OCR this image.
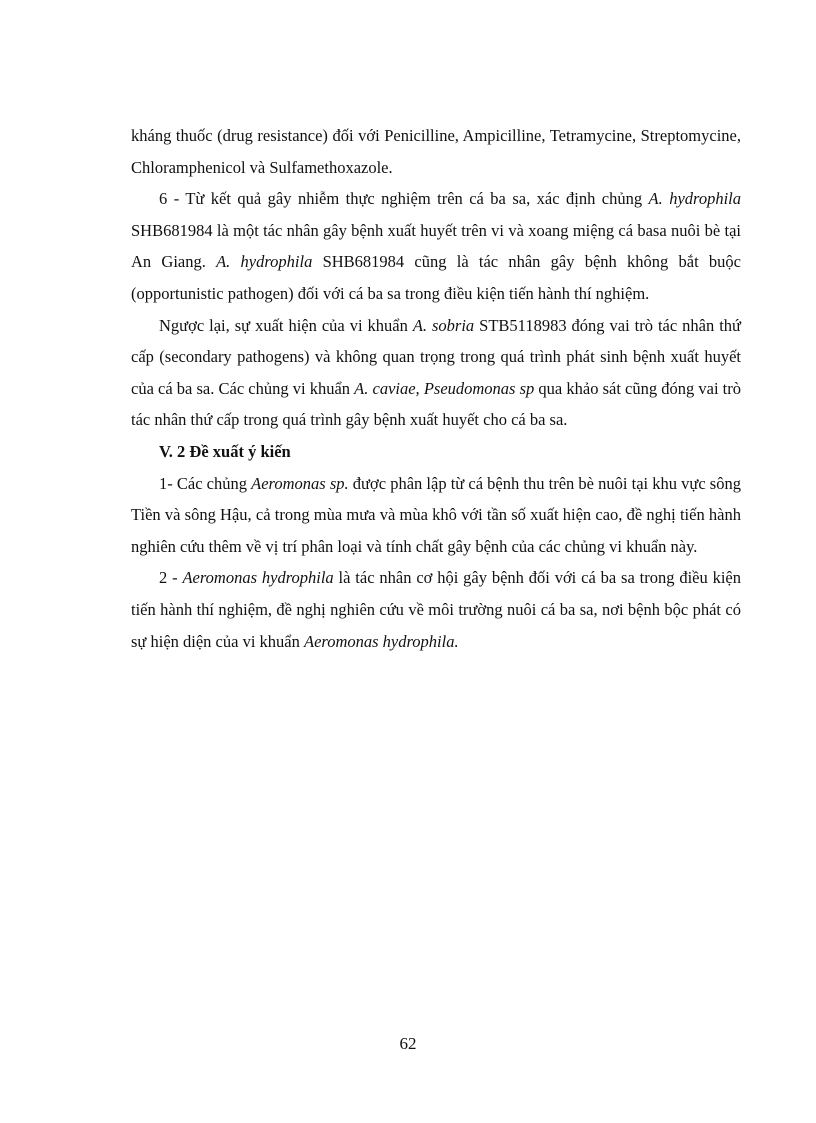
kháng thuốc (drug resistance) đối với Penicilline, Ampicilline, Tetramycine, Streptomycine, Chloramphenicol và Sulfamethoxazole.

6 - Từ kết quả gây nhiễm thực nghiệm trên cá ba sa, xác định chủng A. hydrophila SHB681984 là một tác nhân gây bệnh xuất huyết trên vi và xoang miệng cá basa nuôi bè tại An Giang. A. hydrophila SHB681984 cũng là tác nhân gây bệnh không bắt buộc (opportunistic pathogen) đối với cá ba sa trong điều kiện tiến hành thí nghiệm.

Ngược lại, sự xuất hiện của vi khuẩn A. sobria STB5118983 đóng vai trò tác nhân thứ cấp (secondary pathogens) và không quan trọng trong quá trình phát sinh bệnh xuất huyết của cá ba sa. Các chủng vi khuẩn A. caviae, Pseudomonas sp qua khảo sát cũng đóng vai trò tác nhân thứ cấp trong quá trình gây bệnh xuất huyết cho cá ba sa.

V. 2 Đề xuất ý kiến

1- Các chủng Aeromonas sp. được phân lập từ cá bệnh thu trên bè nuôi tại khu vực sông Tiền và sông Hậu, cả trong mùa mưa và mùa khô với tần số xuất hiện cao, đề nghị tiến hành nghiên cứu thêm về vị trí phân loại và tính chất gây bệnh của các chủng vi khuẩn này.

2 - Aeromonas hydrophila là tác nhân cơ hội gây bệnh đối với cá ba sa trong điều kiện tiến hành thí nghiệm, đề nghị nghiên cứu về môi trường nuôi cá ba sa, nơi bệnh bộc phát có sự hiện diện của vi khuẩn Aeromonas hydrophila.

62
